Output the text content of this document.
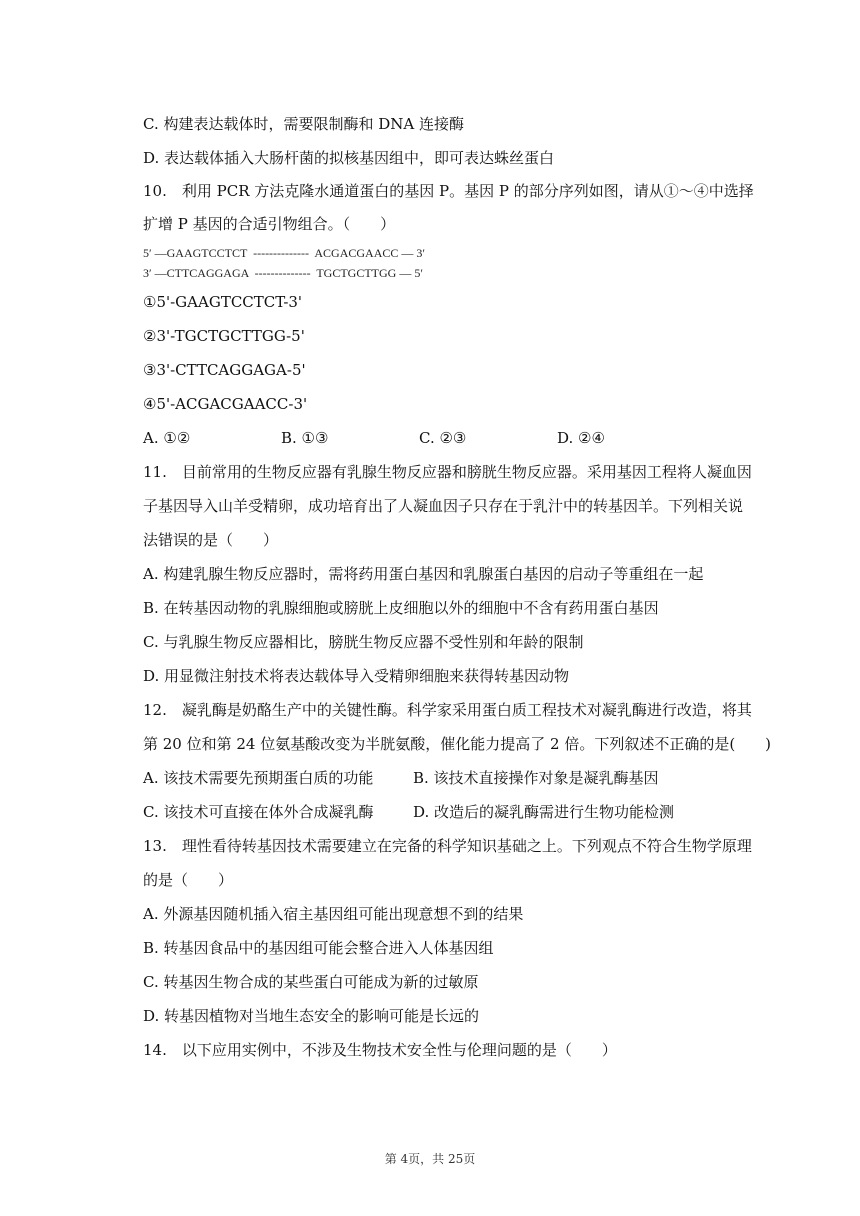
C. 构建表达载体时，需要限制酶和 DNA 连接酶
D. 表达载体插入大肠杆菌的拟核基因组中，即可表达蛛丝蛋白
10.　利用 PCR 方法克隆水通道蛋白的基因 P。基因 P 的部分序列如图，请从①～④中选择
扩增 P 基因的合适引物组合。（　　）
5′ —GAAGTCCTCT  --------------  ACGACGAACC — 3′
3′ —CTTCAGGAGA  --------------  TGCTGCTTGG — 5′
①5'-GAAGTCCTCT-3'
②3'-TGCTGCTTGG-5'
③3'-CTTCAGGAGA-5'
④5'-ACGACGAACC-3'
A. ①②	B. ①③	C. ②③	D. ②④
11.　目前常用的生物反应器有乳腺生物反应器和膀胱生物反应器。采用基因工程将人凝血因
子基因导入山羊受精卵，成功培育出了人凝血因子只存在于乳汁中的转基因羊。下列相关说
法错误的是（　　）
A. 构建乳腺生物反应器时，需将药用蛋白基因和乳腺蛋白基因的启动子等重组在一起
B. 在转基因动物的乳腺细胞或膀胱上皮细胞以外的细胞中不含有药用蛋白基因
C. 与乳腺生物反应器相比，膀胱生物反应器不受性别和年龄的限制
D. 用显微注射技术将表达载体导入受精卵细胞来获得转基因动物
12.　凝乳酶是奶酪生产中的关键性酶。科学家采用蛋白质工程技术对凝乳酶进行改造，将其
第 20 位和第 24 位氨基酸改变为半胱氨酸，催化能力提高了 2 倍。下列叙述不正确的是(　　)
A. 该技术需要先预期蛋白质的功能	B. 该技术直接操作对象是凝乳酶基因
C. 该技术可直接在体外合成凝乳酶	D. 改造后的凝乳酶需进行生物功能检测
13.　理性看待转基因技术需要建立在完备的科学知识基础之上。下列观点不符合生物学原理
的是（　　）
A. 外源基因随机插入宿主基因组可能出现意想不到的结果
B. 转基因食品中的基因组可能会整合进入人体基因组
C. 转基因生物合成的某些蛋白可能成为新的过敏原
D. 转基因植物对当地生态安全的影响可能是长远的
14.　以下应用实例中，不涉及生物技术安全性与伦理问题的是（　　）
第 4页，共 25页
